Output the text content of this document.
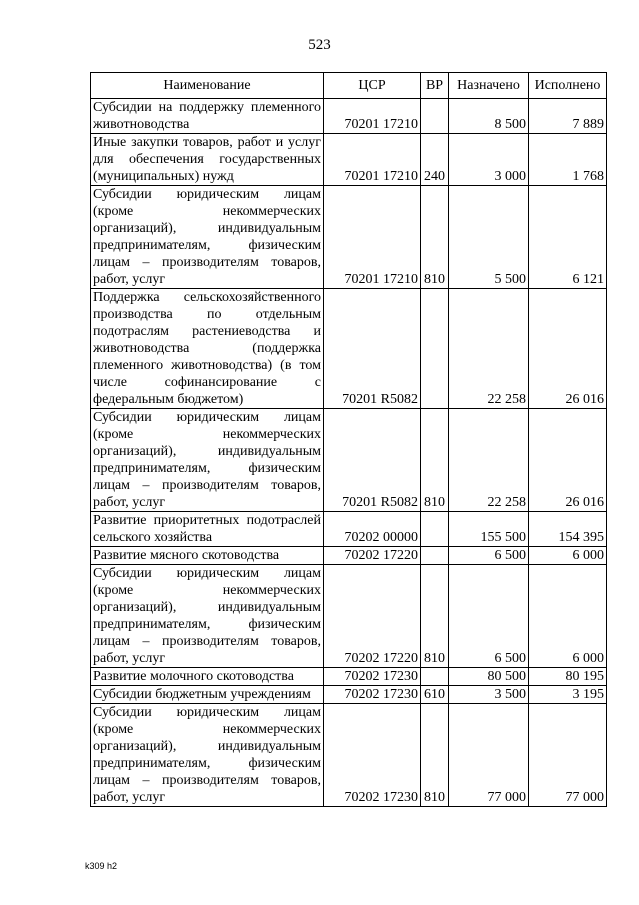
523
Наименование	ЦСР	ВР	Назначено	Исполнено
Субсидии на поддержку племенного животноводства	70201 17210		8 500	7 889
Иные закупки товаров, работ и услуг для обеспечения государственных (муниципальных) нужд	70201 17210	240	3 000	1 768
Субсидии юридическим лицам (кроме некоммерческих организаций), индивидуальным предпринимателям, физическим лицам – производителям товаров, работ, услуг	70201 17210	810	5 500	6 121
Поддержка сельскохозяйственного производства по отдельным подотраслям растениеводства и животноводства (поддержка племенного животноводства) (в том числе софинансирование с федеральным бюджетом)	70201 R5082		22 258	26 016
Субсидии юридическим лицам (кроме некоммерческих организаций), индивидуальным предпринимателям, физическим лицам – производителям товаров, работ, услуг	70201 R5082	810	22 258	26 016
Развитие приоритетных подотраслей сельского хозяйства	70202 00000		155 500	154 395
Развитие мясного скотоводства	70202 17220		6 500	6 000
Субсидии юридическим лицам (кроме некоммерческих организаций), индивидуальным предпринимателям, физическим лицам – производителям товаров, работ, услуг	70202 17220	810	6 500	6 000
Развитие молочного скотоводства	70202 17230		80 500	80 195
Субсидии бюджетным учреждениям	70202 17230	610	3 500	3 195
Субсидии юридическим лицам (кроме некоммерческих организаций), индивидуальным предпринимателям, физическим лицам – производителям товаров, работ, услуг	70202 17230	810	77 000	77 000
k309 h2
